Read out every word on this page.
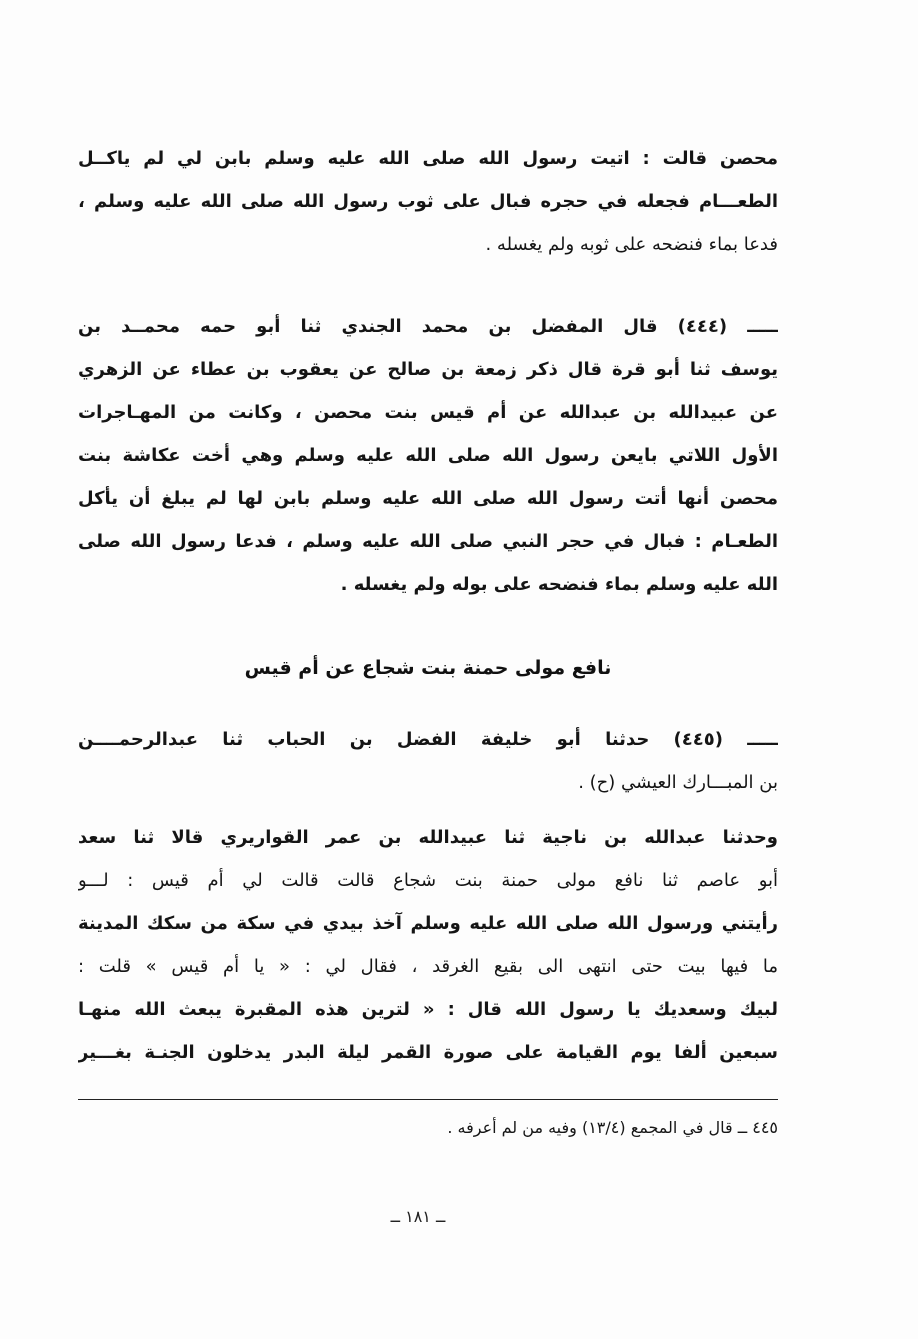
محصن قالت : اتيت رسول الله صلى الله عليه وسلم بابن لي لم ياكــل
الطعـــام فجعله في حجره فبال على ثوب رسول الله صلى الله عليه وسلم ،
فدعا بماء فنضحه على ثوبه ولم يغسله .
ـــــ (٤٤٤) قال المفضل بن محمد الجندي ثنا أبو حمه محمــد بن
يوسف ثنا أبو قرة قال ذكر زمعة بن صالح عن يعقوب بن عطاء عن الزهري
عن عبيدالله بن عبدالله عن أم قيس بنت محصن ، وكانت من المهـاجرات
الأول اللاتي بايعن رسول الله صلى الله عليه وسلم وهي أخت عكاشة بنت
محصن أنها أتت رسول الله صلى الله عليه وسلم بابن لها لم يبلغ أن يأكل
الطعـام : فبال في حجر النبي صلى الله عليه وسلم ، فدعا رسول الله صلى
الله عليه وسلم بماء فنضحه على بوله ولم يغسله .
نافع مولى حمنة بنت شجاع عن أم قيس
ـــــ (٤٤٥) حدثنا أبو خليفة الفضل بن الحباب ثنا عبدالرحمــــن
بن المبـــارك العيشي (ح) .
وحدثنا عبدالله بن ناجية ثنا عبيدالله بن عمر القواريري قالا ثنا سعد
أبو عاصم ثنا نافع مولى حمنة بنت شجاع قالت قالت لي أم قيس : لـــو
رأيتني ورسول الله صلى الله عليه وسلم آخذ بيدي في سكة من سكك المدينة
ما فيها بيت حتى انتهى الى بقيع الغرقد ، فقال لي : « يا أم قيس » قلت :
لبيك وسعديك يا رسول الله قال : « لترين هذه المقبرة يبعث الله منهـا
سبعين ألفا يوم القيامة على صورة القمر ليلة البدر يدخلون الجنـة بغـــير
٤٤٥ ــ قال في المجمع (١٣/٤) وفيه من لم أعرفه .
ــ ١٨١ ــ
